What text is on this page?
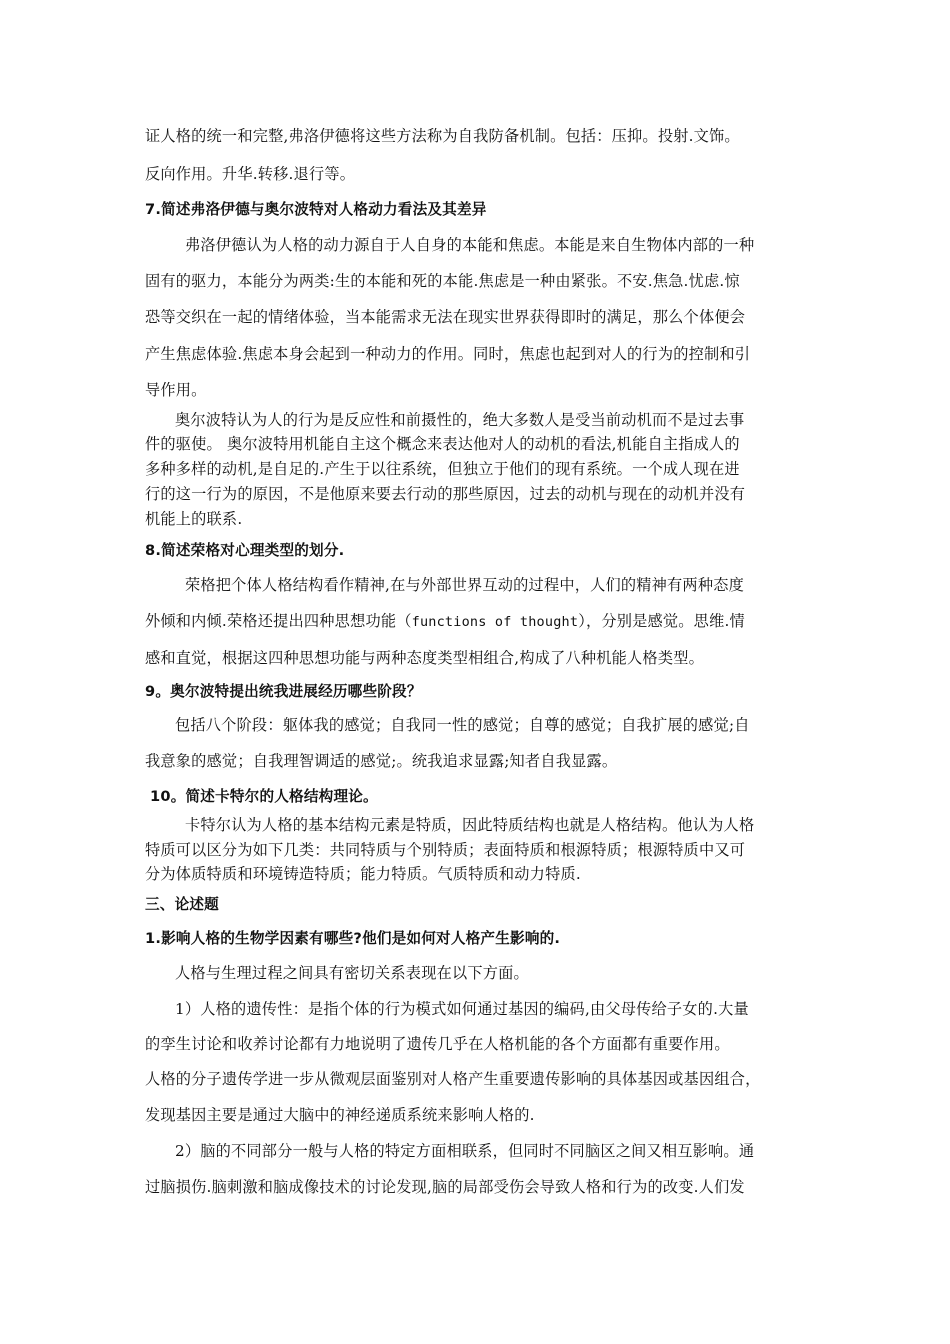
证人格的统一和完整,弗洛伊德将这些方法称为自我防备机制。包括：压抑。投射.文饰。
反向作用。升华.转移.退行等。
7.简述弗洛伊德与奥尔波特对人格动力看法及其差异
弗洛伊德认为人格的动力源自于人自身的本能和焦虑。本能是来自生物体内部的一种
固有的驱力，本能分为两类:生的本能和死的本能.焦虑是一种由紧张。不安.焦急.忧虑.惊
恐等交织在一起的情绪体验，当本能需求无法在现实世界获得即时的满足，那么个体便会
产生焦虑体验.焦虑本身会起到一种动力的作用。同时，焦虑也起到对人的行为的控制和引
导作用。
奥尔波特认为人的行为是反应性和前摄性的，绝大多数人是受当前动机而不是过去事
件的驱使。 奥尔波特用机能自主这个概念来表达他对人的动机的看法,机能自主指成人的
多种多样的动机,是自足的.产生于以往系统，但独立于他们的现有系统。一个成人现在进
行的这一行为的原因，不是他原来要去行动的那些原因，过去的动机与现在的动机并没有
机能上的联系.
8.简述荣格对心理类型的划分.
荣格把个体人格结构看作精神,在与外部世界互动的过程中，人们的精神有两种态度
外倾和内倾.荣格还提出四种思想功能（functions of thought），分别是感觉。思维.情
感和直觉，根据这四种思想功能与两种态度类型相组合,构成了八种机能人格类型。
9。奥尔波特提出统我进展经历哪些阶段？
包括八个阶段：躯体我的感觉；自我同一性的感觉；自尊的感觉；自我扩展的感觉;自
我意象的感觉；自我理智调适的感觉;。统我追求显露;知者自我显露。
10。简述卡特尔的人格结构理论。
卡特尔认为人格的基本结构元素是特质，因此特质结构也就是人格结构。他认为人格
特质可以区分为如下几类：共同特质与个别特质；表面特质和根源特质；根源特质中又可
分为体质特质和环境铸造特质；能力特质。气质特质和动力特质.
三、论述题
1.影响人格的生物学因素有哪些?他们是如何对人格产生影响的.
人格与生理过程之间具有密切关系表现在以下方面。
1）人格的遗传性：是指个体的行为模式如何通过基因的编码,由父母传给子女的.大量
的孪生讨论和收养讨论都有力地说明了遗传几乎在人格机能的各个方面都有重要作用。
人格的分子遗传学进一步从微观层面鉴别对人格产生重要遗传影响的具体基因或基因组合，
发现基因主要是通过大脑中的神经递质系统来影响人格的.
2）脑的不同部分一般与人格的特定方面相联系，但同时不同脑区之间又相互影响。通
过脑损伤.脑刺激和脑成像技术的讨论发现,脑的局部受伤会导致人格和行为的改变.人们发
